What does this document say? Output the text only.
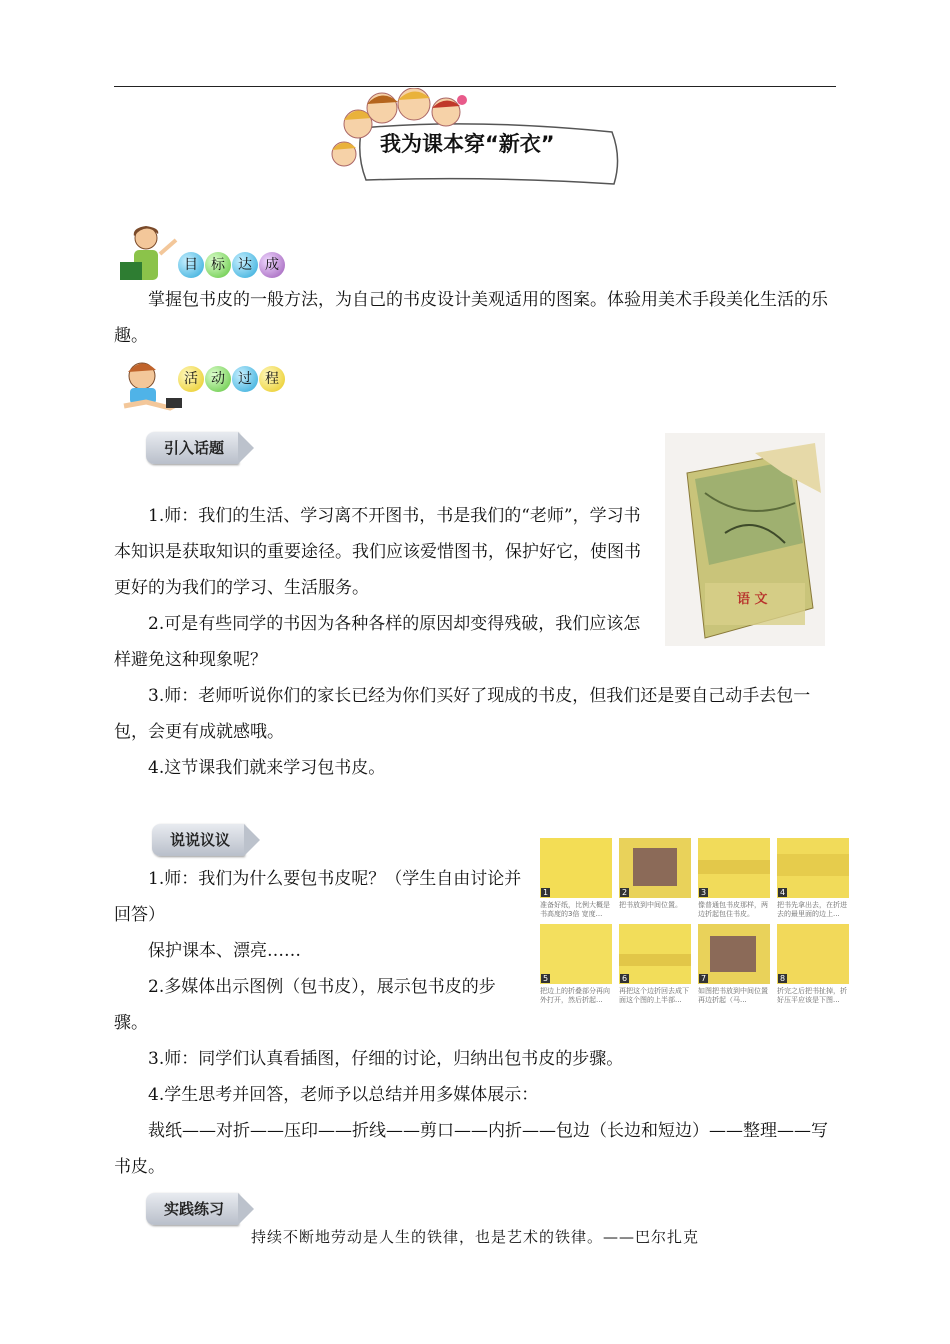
我为课本穿“新衣”
目 标 达 成

掌握包书皮的一般方法，为自己的书皮设计美观适用的图案。体验用美术手段美化生活的乐趣。

活 动 过 程
引入话题

1.师：我们的生活、学习离不开图书，书是我们的“老师”，学习书本知识是获取知识的重要途径。我们应该爱惜图书，保护好它，使图书更好的为我们的学习、生活服务。

2.可是有些同学的书因为各种各样的原因却变得残破，我们应该怎样避免这种现象呢？

3.师：老师听说你们的家长已经为你们买好了现成的书皮，但我们还是要自己动手去包一包，会更有成就感哦。

4.这节课我们就来学习包书皮。

语 文
说说议议
1
准备好纸，比例大概是书高度的3倍 宽度...
2
把书放到中间位置。
3
像普通包书皮那样，两边折起包住书皮。
4
把书先拿出去，在折进去的最里面的边上...
5
把边上的折叠部分再向外打开，然后折起...
6
再把这个边折回去成下面这个图的上半部...
7
如图把书放到中间位置 再边折起（马...
8
折完之后把书扯掉，折好压平应该是下图...

1.师：我们为什么要包书皮呢？（学生自由讨论并回答）

保护课本、漂亮……

2.多媒体出示图例（包书皮），展示包书皮的步骤。

3.师：同学们认真看插图，仔细的讨论，归纳出包书皮的步骤。

4.学生思考并回答，老师予以总结并用多媒体展示：

裁纸——对折——压印——折线——剪口——内折——包边（长边和短边）——整理——写书皮。

实践练习
持续不断地劳动是人生的铁律，也是艺术的铁律。——巴尔扎克
